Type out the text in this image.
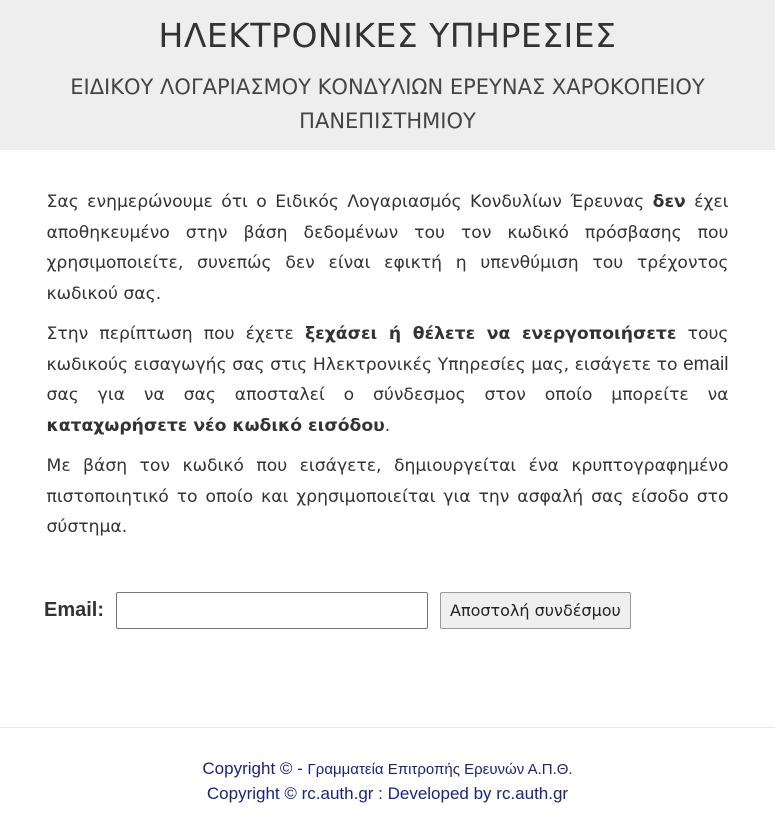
ΗΛΕΚΤΡΟΝΙΚΕΣ ΥΠΗΡΕΣΙΕΣ
ΕΙΔΙΚΟΥ ΛΟΓΑΡΙΑΣΜΟΥ ΚΟΝΔΥΛΙΩΝ ΕΡΕΥΝΑΣ ΧΑΡΟΚΟΠΕΙΟΥ ΠΑΝΕΠΙΣΤΗΜΙΟΥ

Σας ενημερώνουμε ότι ο Ειδικός Λογαριασμός Κονδυλίων Έρευνας δεν έχει αποθηκευμένο στην βάση δεδομένων του τον κωδικό πρόσβασης που χρησιμοποιείτε, συνεπώς δεν είναι εφικτή η υπενθύμιση του τρέχοντος κωδικού σας.

Στην περίπτωση που έχετε ξεχάσει ή θέλετε να ενεργοποιήσετε τους κωδικούς εισαγωγής σας στις Ηλεκτρονικές Υπηρεσίες μας, εισάγετε το email σας για να σας αποσταλεί ο σύνδεσμος στον οποίο μπορείτε να καταχωρήσετε νέο κωδικό εισόδου.

Με βάση τον κωδικό που εισάγετε, δημιουργείται ένα κρυπτογραφημένο πιστοποιητικό το οποίο και χρησιμοποιείται για την ασφαλή σας είσοδο στο σύστημα.

Email:	Αποστολή συνδέσμου
Copyright © - Γραμματεία Επιτροπής Ερευνών Α.Π.Θ.
Copyright © rc.auth.gr : Developed by rc.auth.gr
